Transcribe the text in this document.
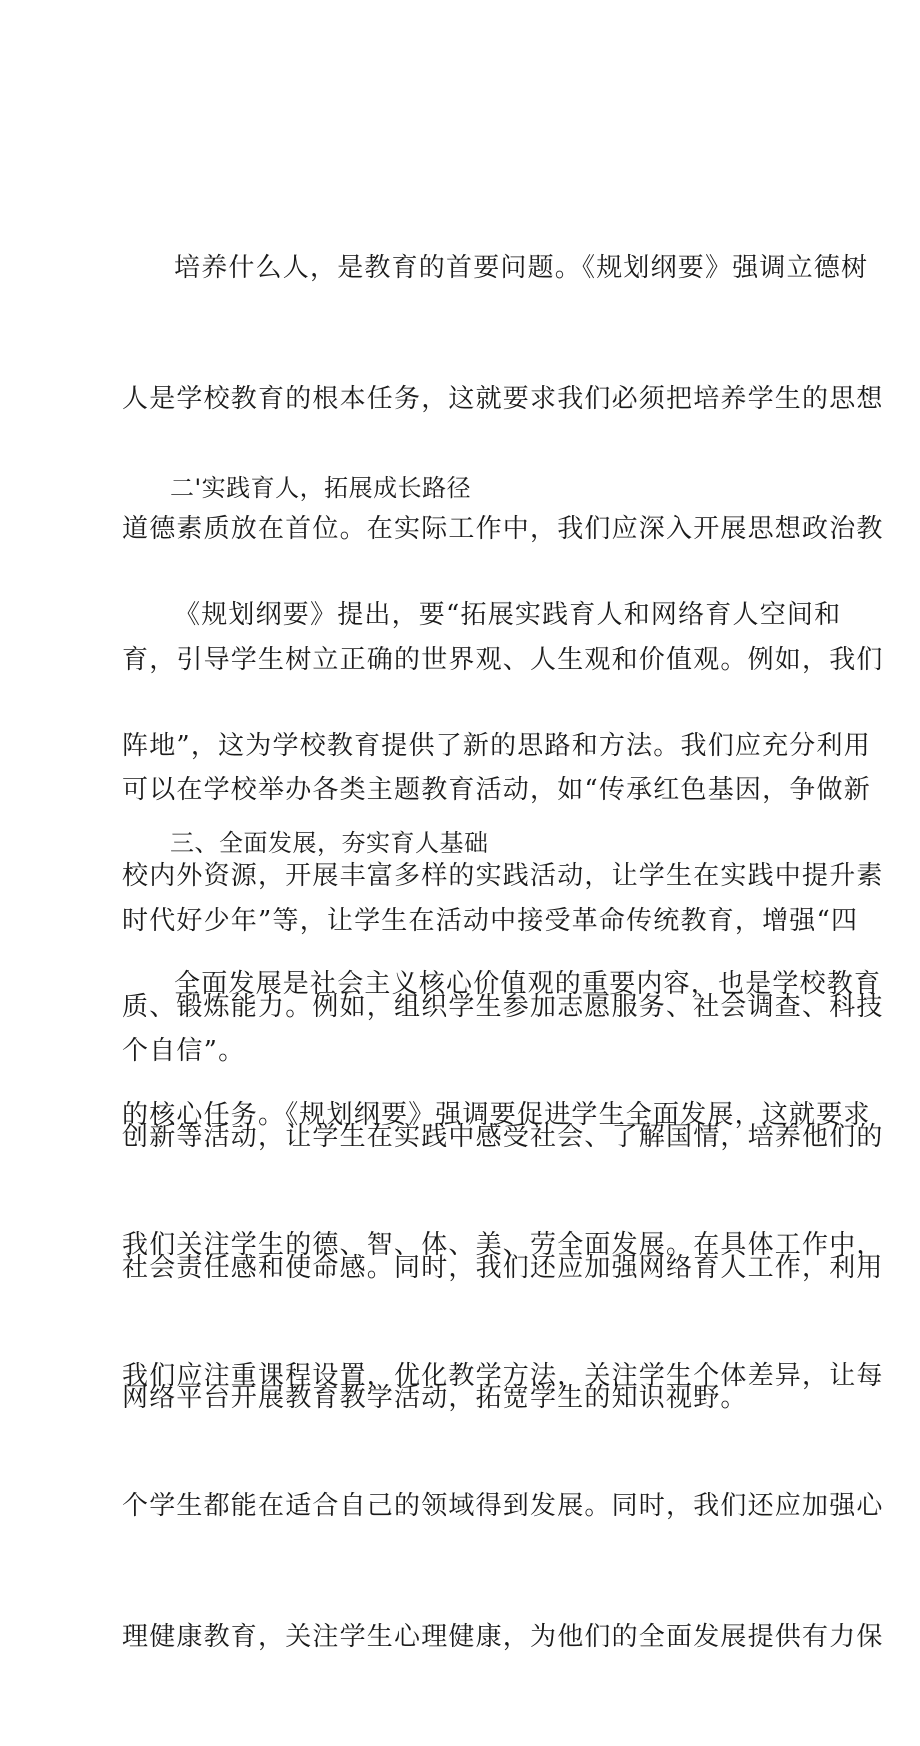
培养什么人，是教育的首要问题。《规划纲要》强调立德树

人是学校教育的根本任务，这就要求我们必须把培养学生的思想

道德素质放在首位。在实际工作中，我们应深入开展思想政治教

育，引导学生树立正确的世界观、人生观和价值观。例如，我们

可以在学校举办各类主题教育活动，如“传承红色基因，争做新

时代好少年”等，让学生在活动中接受革命传统教育，增强“四

个自信”。

二'实践育人，拓展成长路径

《规划纲要》提出，要“拓展实践育人和网络育人空间和

阵地”，这为学校教育提供了新的思路和方法。我们应充分利用

校内外资源，开展丰富多样的实践活动，让学生在实践中提升素

质、锻炼能力。例如，组织学生参加志愿服务、社会调查、科技

创新等活动，让学生在实践中感受社会、了解国情，培养他们的

社会责任感和使命感。同时，我们还应加强网络育人工作，利用

网络平台开展教育教学活动，拓宽学生的知识视野。

三、全面发展，夯实育人基础

全面发展是社会主义核心价值观的重要内容，也是学校教育

的核心任务。《规划纲要》强调要促进学生全面发展，这就要求

我们关注学生的德、智、体、美、劳全面发展。在具体工作中，

我们应注重课程设置，优化教学方法，关注学生个体差异，让每

个学生都能在适合自己的领域得到发展。同时，我们还应加强心

理健康教育，关注学生心理健康，为他们的全面发展提供有力保
